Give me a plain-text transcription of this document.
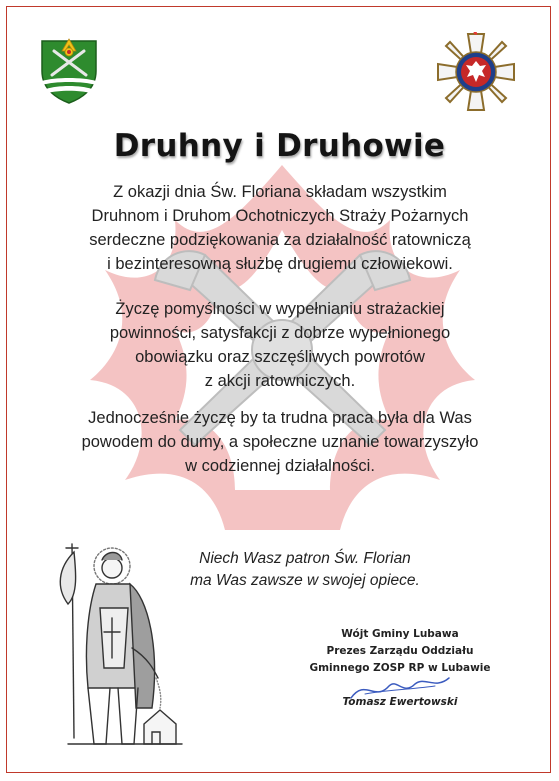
Druhny i Druhowie
Z okazji dnia Św. Floriana składam wszystkim
Druhnom i Druhom Ochotniczych Straży Pożarnych
serdeczne podziękowania za działalność ratowniczą
i bezinteresowną służbę drugiemu człowiekowi.
Życzę pomyślności w wypełnianiu strażackiej
powinności, satysfakcji z dobrze wypełnionego
obowiązku oraz szczęśliwych powrotów
z akcji ratowniczych.
Jednocześnie życzę by ta trudna praca była dla Was
powodem do dumy, a społeczne uznanie towarzyszyło
w codziennej działalności.
Niech Wasz patron Św. Florian
ma Was zawsze w swojej opiece.
Wójt Gminy Lubawa
Prezes Zarządu Oddziału
Gminnego ZOSP RP w Lubawie
Tomasz Ewertowski
